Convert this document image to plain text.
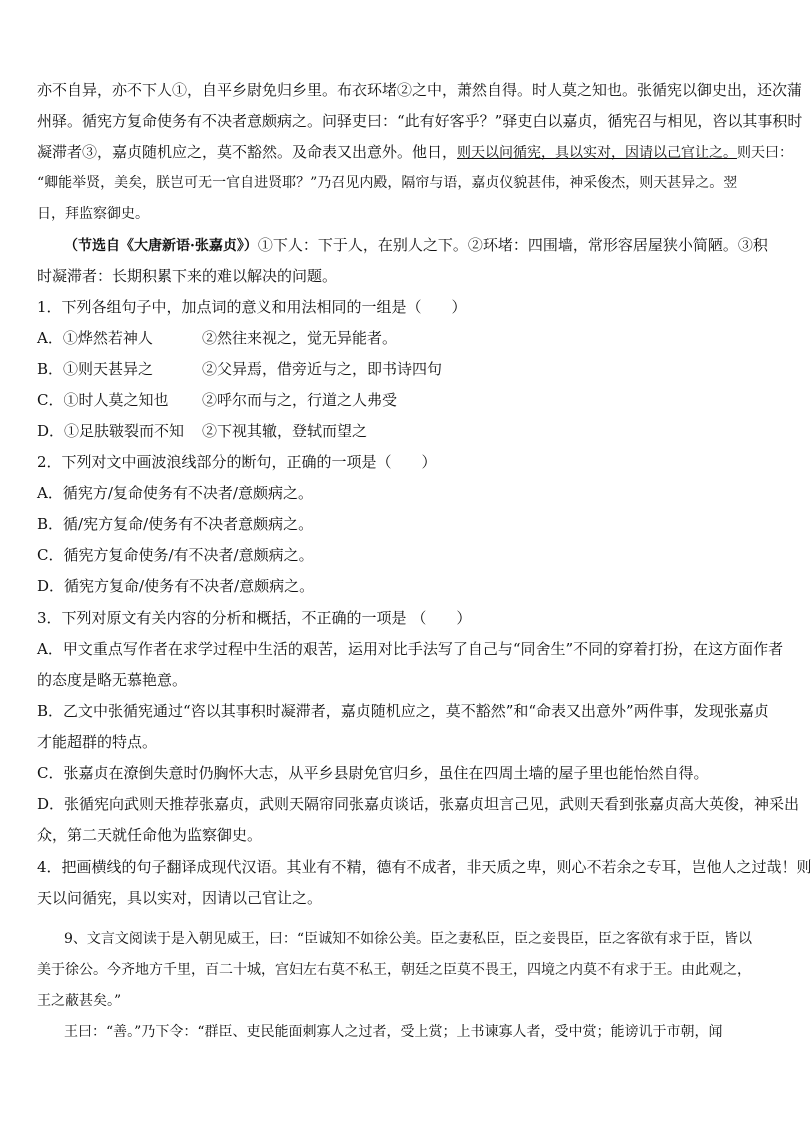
亦不自异，亦不下人①，自平乡尉免归乡里。布衣环堵②之中，萧然自得。时人莫之知也。张循宪以御史出，还次蒲
州驿。循宪方复命使务有不决者意颇病之。问驿吏曰：“此有好客乎？”驿吏白以嘉贞，循宪召与相见，咨以其事积时
凝滞者③，嘉贞随机应之，莫不豁然。及命表又出意外。他日，则天以问循宪，具以实对，因请以己官让之。则天曰：
“卿能举贤，美矣，朕岂可无一官自进贤耶？”乃召见内殿，隔帘与语，嘉贞仪貌甚伟，神采俊杰，则天甚异之。翌
日，拜监察御史。
（节选自《大唐新语·张嘉贞》）①下人：下于人，在别人之下。②环堵：四围墙，常形容居屋狭小简陋。③积
时凝滞者：长期积累下来的难以解决的问题。
1．下列各组句子中，加点词的意义和用法相同的一组是（　　）
A．①烨然若神人	②然往来视之，觉无异能者。
B．①则天甚异之	②父异焉，借旁近与之，即书诗四句
C．①时人莫之知也 ②呼尔而与之，行道之人弗受
D．①足肤皲裂而不知 ②下视其辙，登轼而望之
2．下列对文中画波浪线部分的断句，正确的一项是（　　）
A．循宪方/复命使务有不决者/意颇病之。
B．循/宪方复命/使务有不决者意颇病之。
C．循宪方复命使务/有不决者/意颇病之。
D．循宪方复命/使务有不决者/意颇病之。
3．下列对原文有关内容的分析和概括，不正确的一项是 （　　）
A．甲文重点写作者在求学过程中生活的艰苦，运用对比手法写了自己与“同舍生”不同的穿着打扮，在这方面作者
的态度是略无慕艳意。
B．乙文中张循宪通过“咨以其事积时凝滞者，嘉贞随机应之，莫不豁然”和“命表又出意外”两件事，发现张嘉贞
才能超群的特点。
C．张嘉贞在潦倒失意时仍胸怀大志，从平乡县尉免官归乡，虽住在四周土墙的屋子里也能怡然自得。
D．张循宪向武则天推荐张嘉贞，武则天隔帘同张嘉贞谈话，张嘉贞坦言己见，武则天看到张嘉贞高大英俊，神采出
众，第二天就任命他为监察御史。
4．把画横线的句子翻译成现代汉语。其业有不精，德有不成者，非天质之卑，则心不若余之专耳，岂他人之过哉！则
天以问循宪，具以实对，因请以己官让之。
9、文言文阅读于是入朝见威王，曰：“臣诚知不如徐公美。臣之妻私臣，臣之妾畏臣，臣之客欲有求于臣，皆以
美于徐公。今齐地方千里，百二十城，宫妇左右莫不私王，朝廷之臣莫不畏王，四境之内莫不有求于王。由此观之，
王之蔽甚矣。”
王曰：“善。”乃下令：“群臣、吏民能面刺寡人之过者，受上赏；上书谏寡人者，受中赏；能谤讥于市朝，闻
